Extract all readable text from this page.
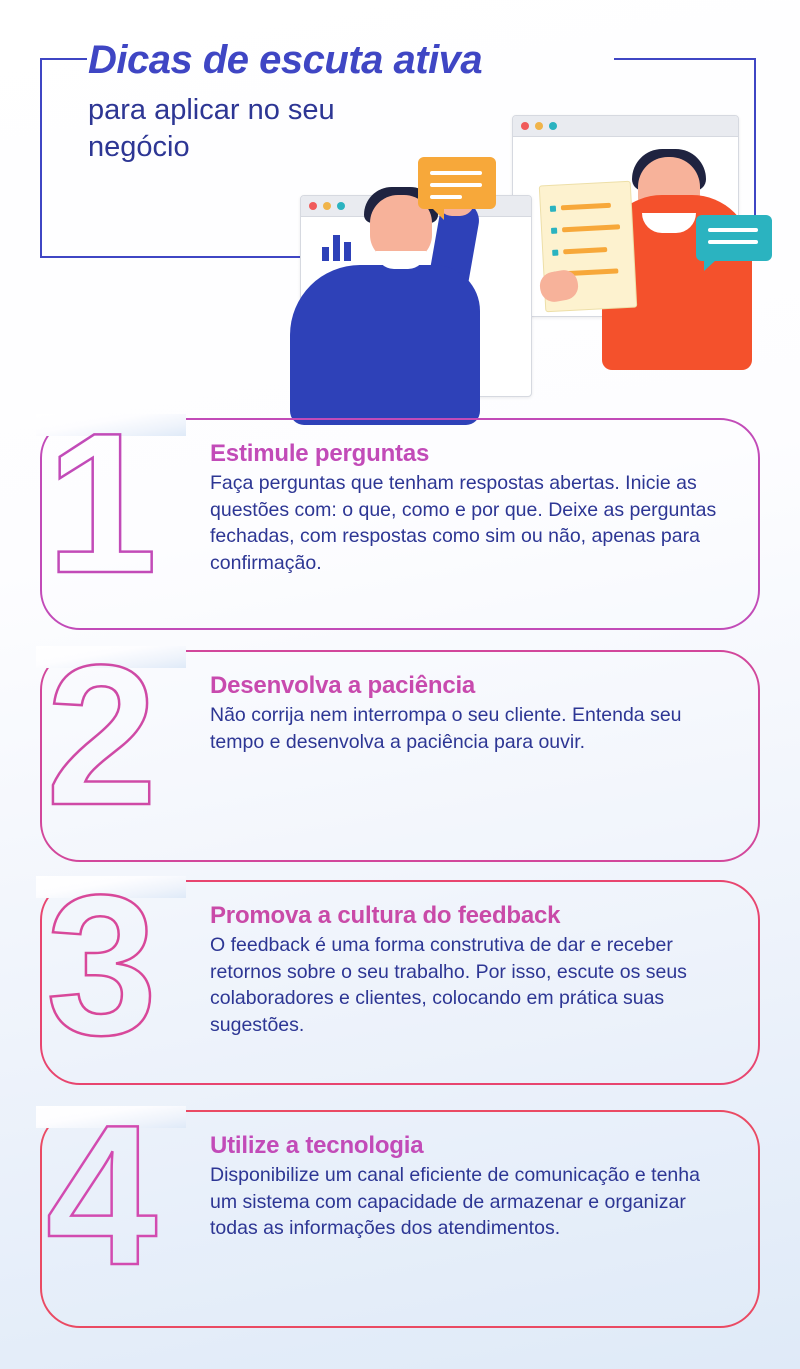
Dicas de escuta ativa
para aplicar no seu negócio
1 Estimule perguntas

Faça perguntas que tenham respostas abertas. Inicie as questões com: o que, como e por que. Deixe as perguntas fechadas, com respostas como sim ou não, apenas para confirmação.

2 Desenvolva a paciência

Não corrija nem interrompa o seu cliente. Entenda seu tempo e desenvolva a paciência para ouvir.

3 Promova a cultura do feedback

O feedback é uma forma construtiva de dar e receber retornos sobre o seu trabalho. Por isso, escute os seus colaboradores e clientes, colocando em prática suas sugestões.

4 Utilize a tecnologia

Disponibilize um canal eficiente de comunicação e tenha um sistema com capacidade de armazenar e organizar todas as informações dos atendimentos.
